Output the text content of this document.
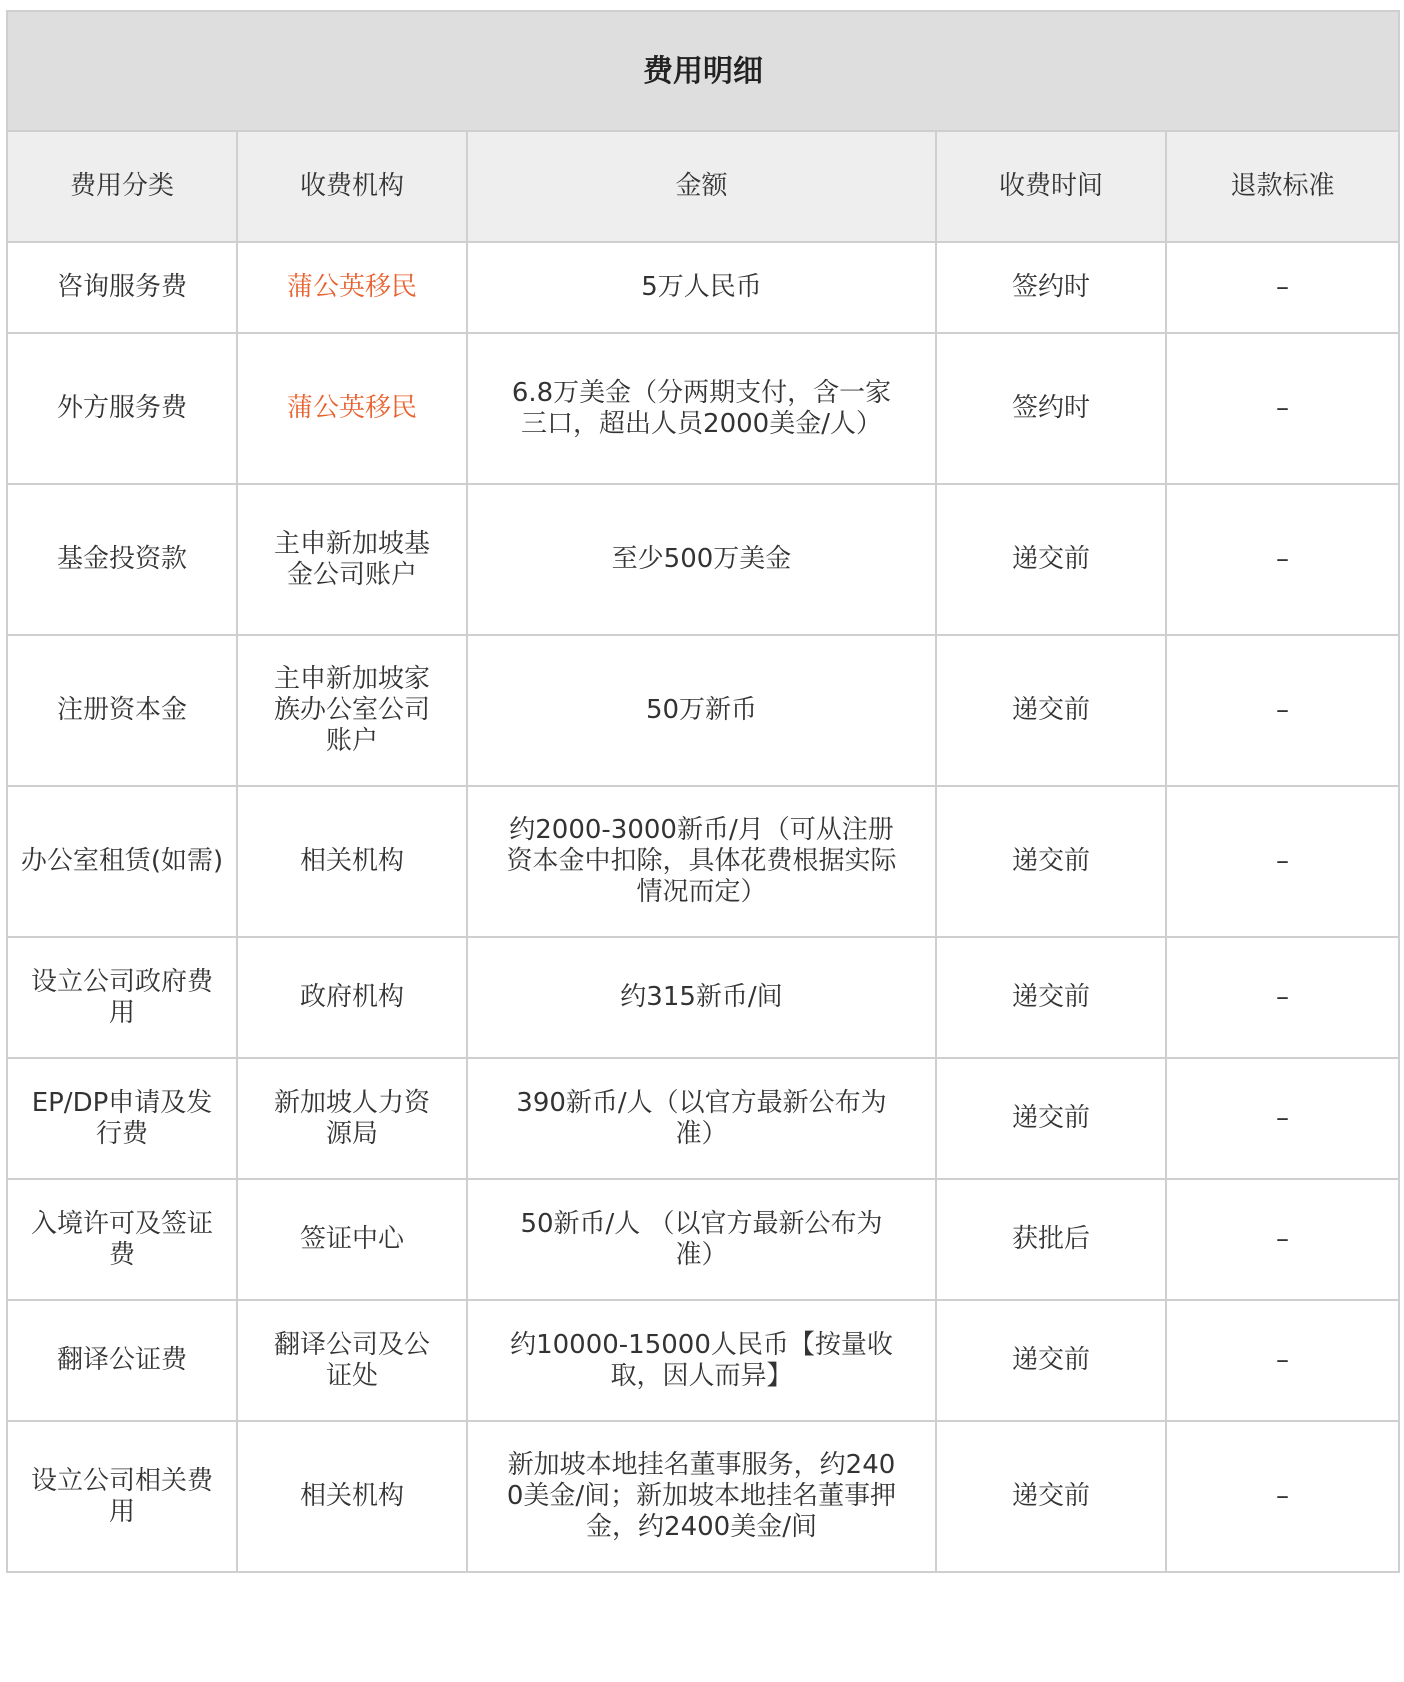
费用明细				
费用分类	收费机构	金额	收费时间	退款标准
咨询服务费	蒲公英移民	5万人民币	签约时	–
外方服务费	蒲公英移民	6.8万美金（分两期支付，含一家三口，超出人员2000美金/人）	签约时	–
基金投资款	主申新加坡基金公司账户	至少500万美金	递交前	–
注册资本金	主申新加坡家族办公室公司账户	50万新币	递交前	–
办公室租赁(如需)	相关机构	约2000-3000新币/月（可从注册资本金中扣除，具体花费根据实际情况而定）	递交前	–
设立公司政府费用	政府机构	约315新币/间	递交前	–
EP/DP申请及发行费	新加坡人力资源局	390新币/人（以官方最新公布为准）	递交前	–
入境许可及签证费	签证中心	50新币/人 （以官方最新公布为准）	获批后	–
翻译公证费	翻译公司及公证处	约10000-15000人民币【按量收取，因人而异】	递交前	–
设立公司相关费用	相关机构	新加坡本地挂名董事服务，约2400美金/间；新加坡本地挂名董事押金，约2400美金/间	递交前	–
